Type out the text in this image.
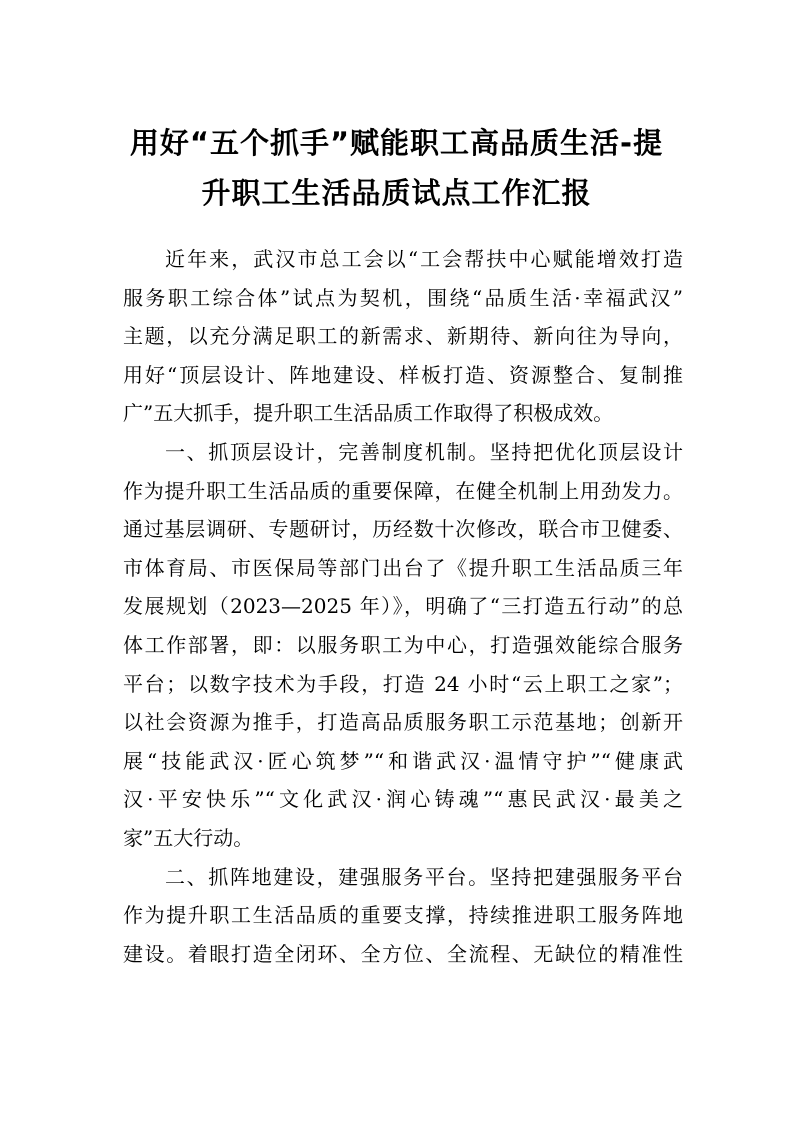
用好“五个抓手”赋能职工高品质生活-提
升职工生活品质试点工作汇报

近年来，武汉市总工会以“工会帮扶中心赋能增效打造
服务职工综合体”试点为契机，围绕“品质生活·幸福武汉”
主题，以充分满足职工的新需求、新期待、新向往为导向，
用好“顶层设计、阵地建设、样板打造、资源整合、复制推
广”五大抓手，提升职工生活品质工作取得了积极成效。

一、抓顶层设计，完善制度机制。坚持把优化顶层设计
作为提升职工生活品质的重要保障，在健全机制上用劲发力。
通过基层调研、专题研讨，历经数十次修改，联合市卫健委、
市体育局、市医保局等部门出台了《提升职工生活品质三年
发展规划（2023—2025 年）》，明确了“三打造五行动”的总
体工作部署，即：以服务职工为中心，打造强效能综合服务
平台；以数字技术为手段，打造 24 小时“云上职工之家”；
以社会资源为推手，打造高品质服务职工示范基地；创新开
展“技能武汉·匠心筑梦”“和谐武汉·温情守护”“健康武
汉·平安快乐”“文化武汉·润心铸魂”“惠民武汉·最美之
家”五大行动。

二、抓阵地建设，建强服务平台。坚持把建强服务平台
作为提升职工生活品质的重要支撑，持续推进职工服务阵地
建设。着眼打造全闭环、全方位、全流程、无缺位的精准性
